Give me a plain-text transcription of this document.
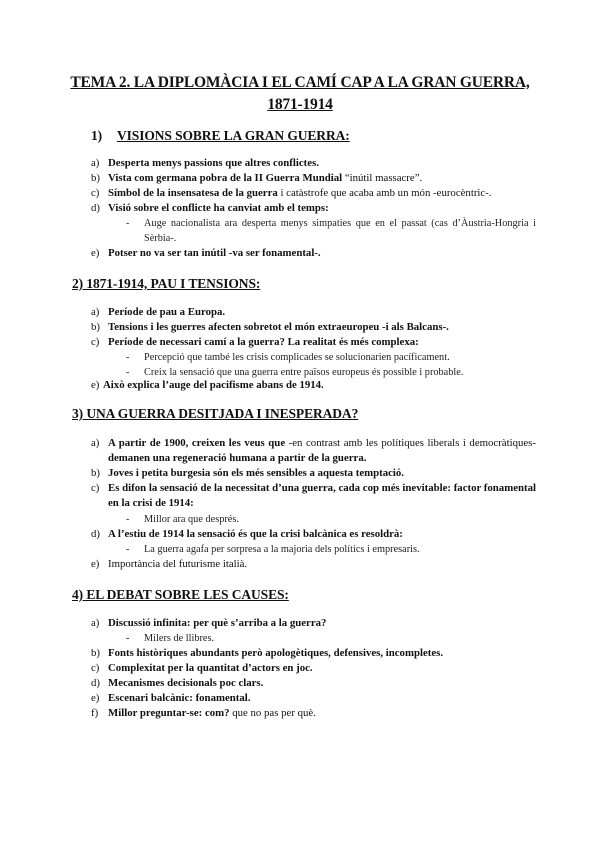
TEMA 2. LA DIPLOMÀCIA I EL CAMÍ CAP A LA GRAN GUERRA,
1871-1914
1) VISIONS SOBRE LA GRAN GUERRA:
a) Desperta menys passions que altres conflictes.
b) Vista com germana pobra de la II Guerra Mundial “inútil massacre”.
c) Símbol de la insensatesa de la guerra i catàstrofe que acaba amb un món -eurocèntric-.
d) Visió sobre el conflicte ha canviat amb el temps:
-	Auge nacionalista ara desperta menys simpaties que en el passat (cas d’Àustria-Hongria i Sèrbia-.
e) Potser no va ser tan inútil -va ser fonamental-.
2) 1871-1914, PAU I TENSIONS:
a) Període de pau a Europa.
b) Tensions i les guerres afecten sobretot el món extraeuropeu -i als Balcans-.
c) Període de necessari camí a la guerra? La realitat és més complexa:
-	Percepció que també les crisis complicades se solucionarien pacíficament.
-	Creix la sensació que una guerra entre països europeus és possible i probable.
e) Això explica l’auge del pacifisme abans de 1914.
3) UNA GUERRA DESITJADA I INESPERADA?
a) A partir de 1900, creixen les veus que -en contrast amb les polítiques liberals i democràtiques- demanen una regeneració humana a partir de la guerra.
b) Joves i petita burgesia són els més sensibles a aquesta temptació.
c) Es difon la sensació de la necessitat d’una guerra, cada cop més inevitable: factor fonamental en la crisi de 1914:
-	Millor ara que després.
d) A l’estiu de 1914 la sensació és que la crisi balcànica es resoldrà:
-	La guerra agafa per sorpresa a la majoria dels polítics i empresaris.
e) Importància del futurisme italià.
4) EL DEBAT SOBRE LES CAUSES:
a) Discussió infinita: per què s’arriba a la guerra?
-	Milers de llibres.
b) Fonts històriques abundants però apologètiques, defensives, incompletes.
c) Complexitat per la quantitat d’actors en joc.
d) Mecanismes decisionals poc clars.
e) Escenari balcànic: fonamental.
f) Millor preguntar-se: com? que no pas per què.
